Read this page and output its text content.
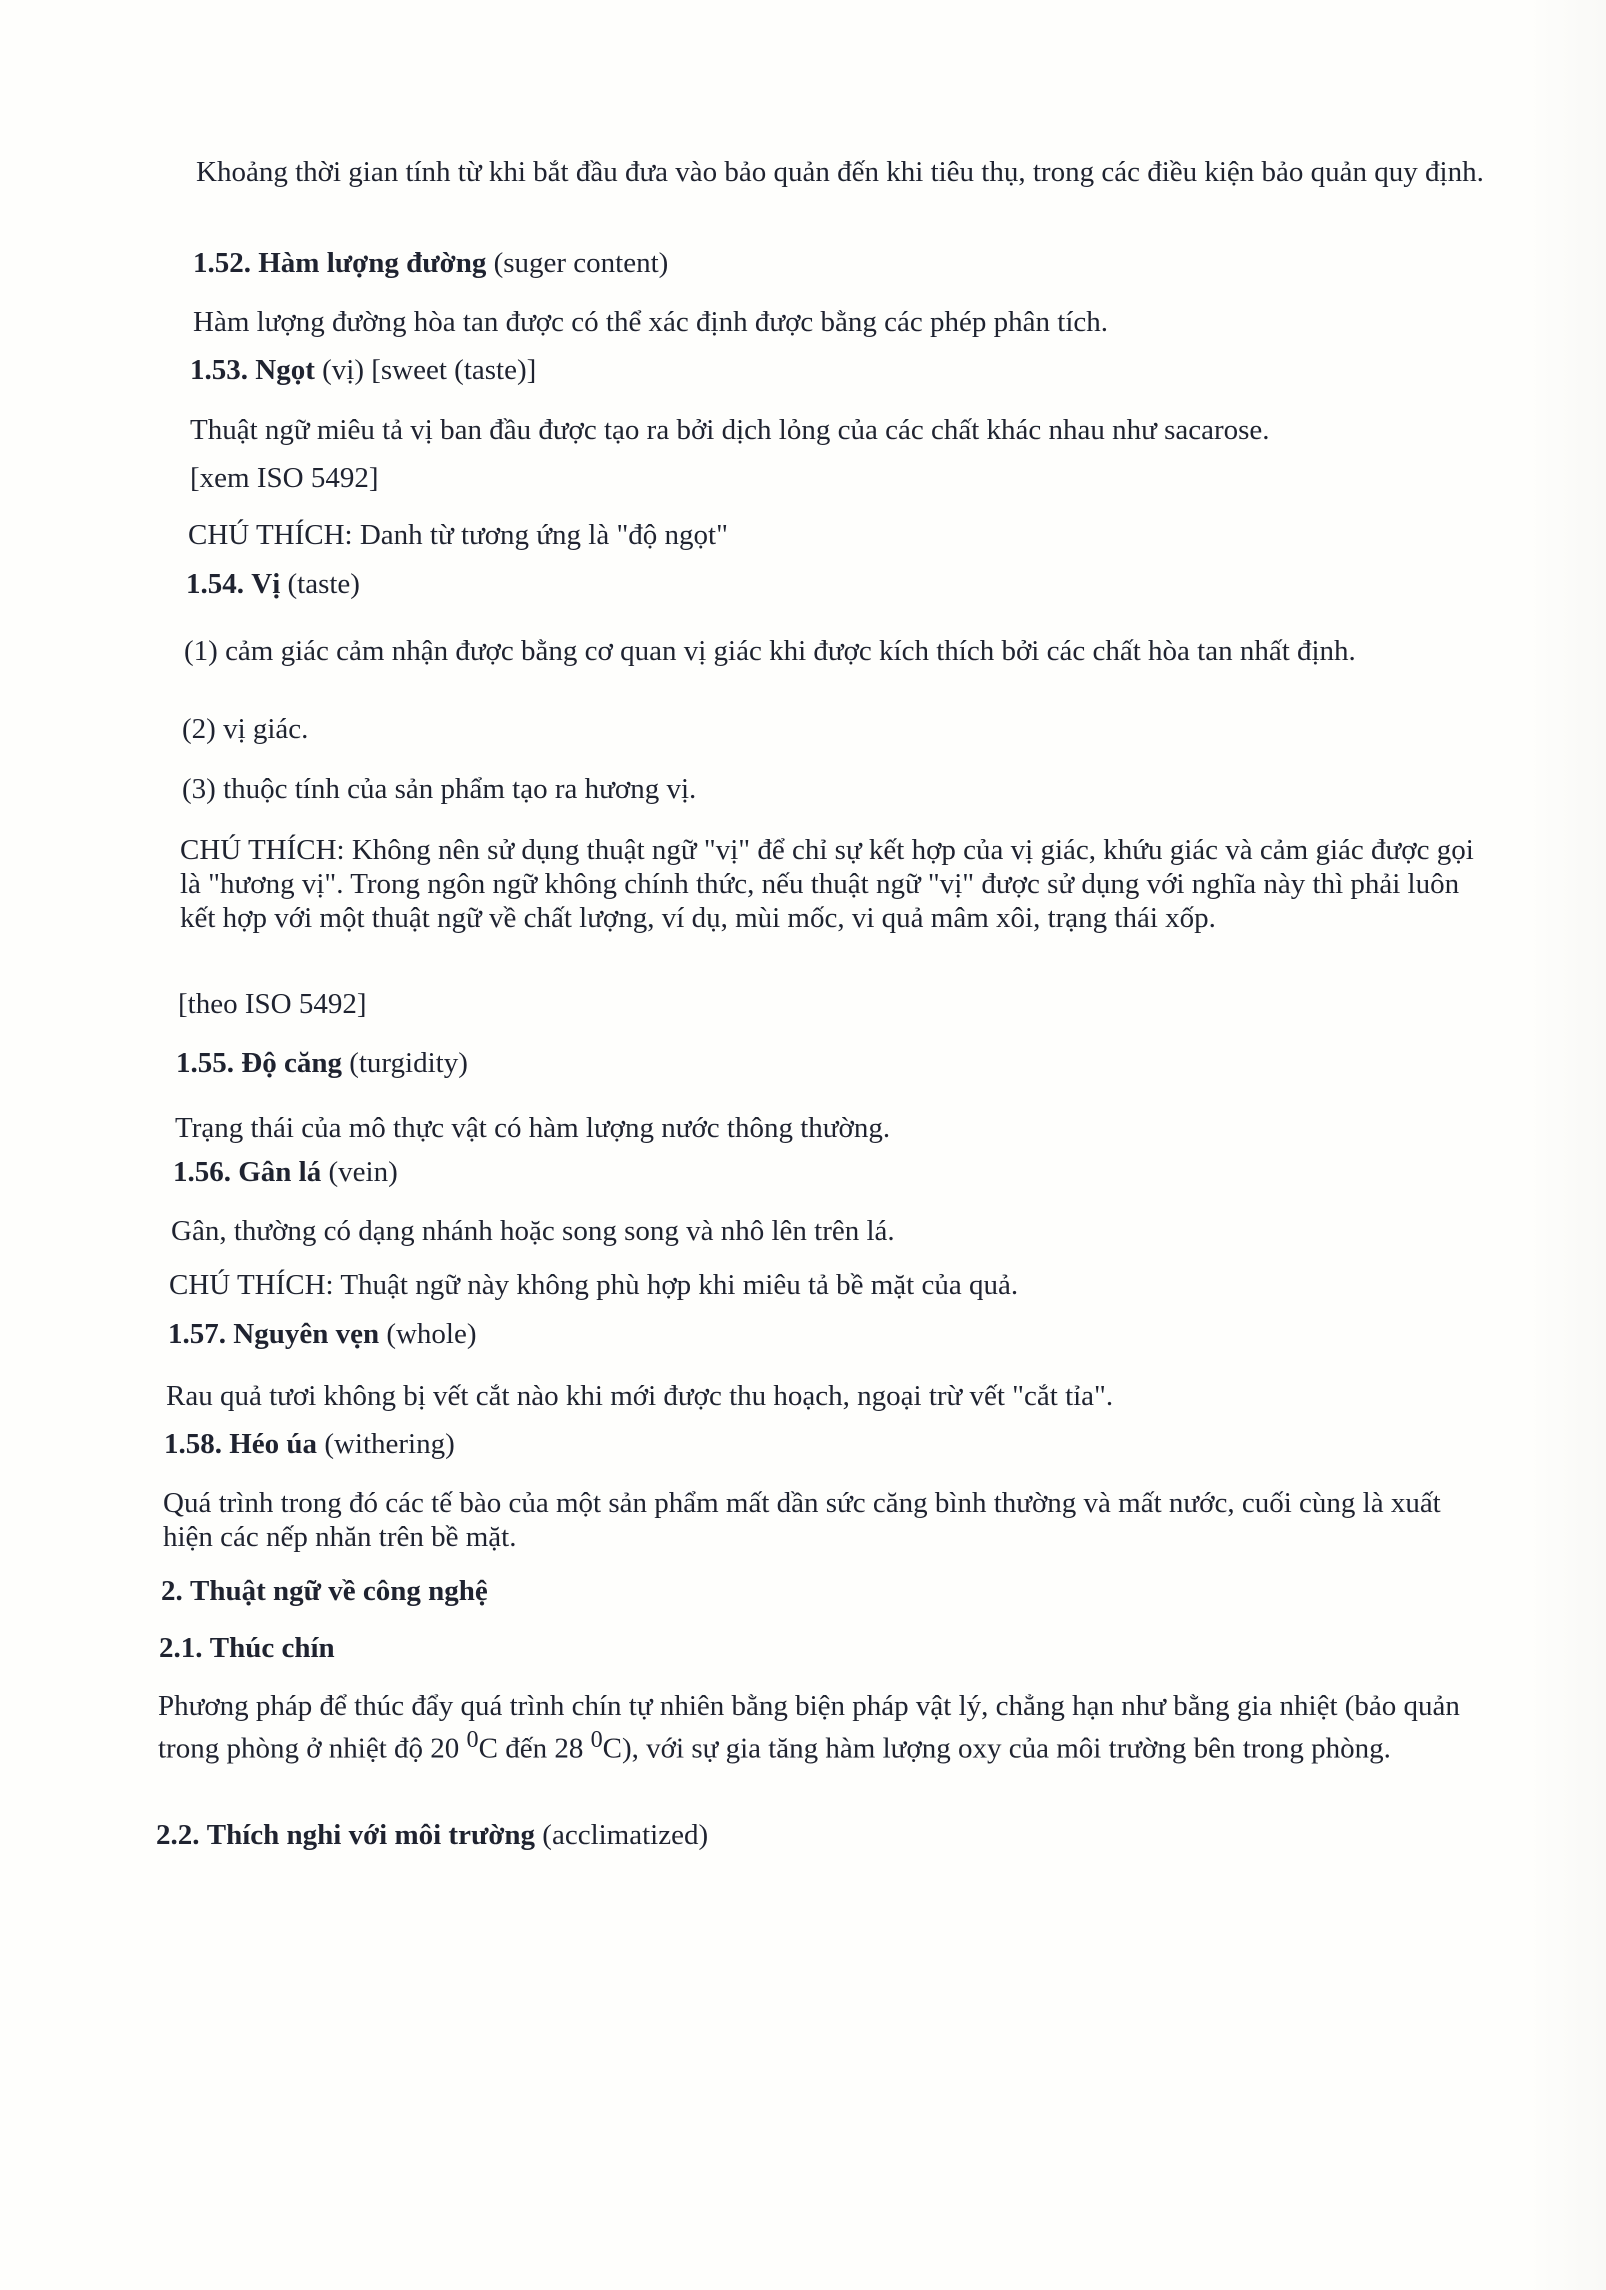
Khoảng thời gian tính từ khi bắt đầu đưa vào bảo quản đến khi tiêu thụ, trong các điều kiện bảo quản quy định.

1.52. Hàm lượng đường (suger content)

Hàm lượng đường hòa tan được có thể xác định được bằng các phép phân tích.

1.53. Ngọt (vị) [sweet (taste)]

Thuật ngữ miêu tả vị ban đầu được tạo ra bởi dịch lỏng của các chất khác nhau như sacarose.

[xem ISO 5492]

CHÚ THÍCH: Danh từ tương ứng là "độ ngọt"

1.54. Vị (taste)

(1) cảm giác cảm nhận được bằng cơ quan vị giác khi được kích thích bởi các chất hòa tan nhất định.

(2) vị giác.

(3) thuộc tính của sản phẩm tạo ra hương vị.

CHÚ THÍCH: Không nên sử dụng thuật ngữ "vị" để chỉ sự kết hợp của vị giác, khứu giác và cảm giác được gọi là "hương vị". Trong ngôn ngữ không chính thức, nếu thuật ngữ "vị" được sử dụng với nghĩa này thì phải luôn kết hợp với một thuật ngữ về chất lượng, ví dụ, mùi mốc, vi quả mâm xôi, trạng thái xốp.

[theo ISO 5492]

1.55. Độ căng (turgidity)

Trạng thái của mô thực vật có hàm lượng nước thông thường.

1.56. Gân lá (vein)

Gân, thường có dạng nhánh hoặc song song và nhô lên trên lá.

CHÚ THÍCH: Thuật ngữ này không phù hợp khi miêu tả bề mặt của quả.

1.57. Nguyên vẹn (whole)

Rau quả tươi không bị vết cắt nào khi mới được thu hoạch, ngoại trừ vết "cắt tỉa".

1.58. Héo úa (withering)

Quá trình trong đó các tế bào của một sản phẩm mất dần sức căng bình thường và mất nước, cuối cùng là xuất hiện các nếp nhăn trên bề mặt.

2. Thuật ngữ về công nghệ

2.1. Thúc chín

Phương pháp để thúc đẩy quá trình chín tự nhiên bằng biện pháp vật lý, chẳng hạn như bằng gia nhiệt (bảo quản trong phòng ở nhiệt độ 20 $^0$C đến 28 $^0$C), với sự gia tăng hàm lượng oxy của môi trường bên trong phòng.

2.2. Thích nghi với môi trường (acclimatized)
